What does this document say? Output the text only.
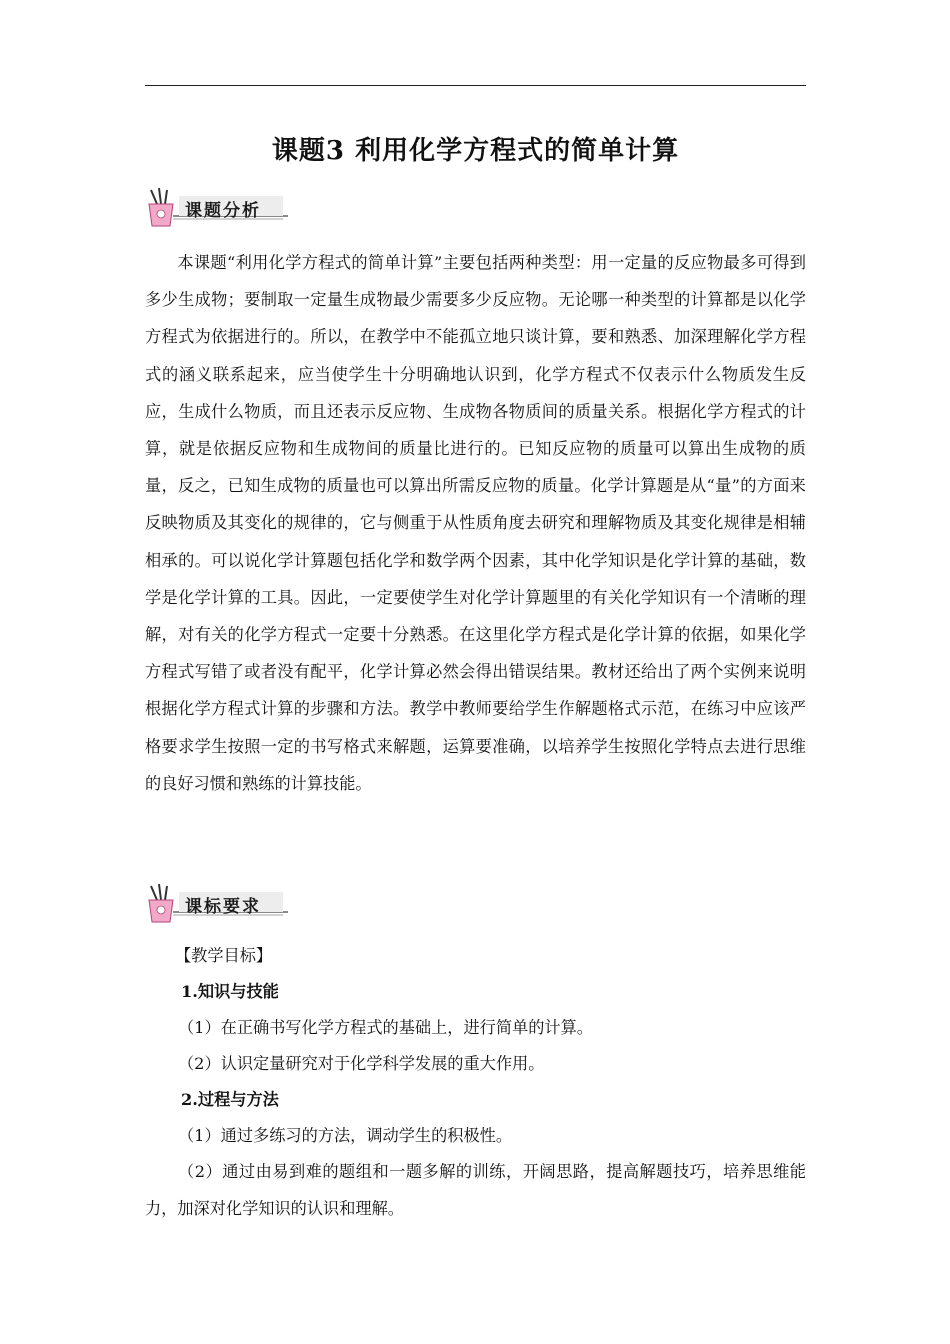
课题3 利用化学方程式的简单计算
课题分析

本课题“利用化学方程式的简单计算”主要包括两种类型：用一定量的反应物最多可得到多少生成物；要制取一定量生成物最少需要多少反应物。无论哪一种类型的计算都是以化学方程式为依据进行的。所以，在教学中不能孤立地只谈计算，要和熟悉、加深理解化学方程式的涵义联系起来，应当使学生十分明确地认识到，化学方程式不仅表示什么物质发生反应，生成什么物质，而且还表示反应物、生成物各物质间的质量关系。根据化学方程式的计算，就是依据反应物和生成物间的质量比进行的。已知反应物的质量可以算出生成物的质量，反之，已知生成物的质量也可以算出所需反应物的质量。化学计算题是从“量”的方面来反映物质及其变化的规律的，它与侧重于从性质角度去研究和理解物质及其变化规律是相辅相承的。可以说化学计算题包括化学和数学两个因素，其中化学知识是化学计算的基础，数学是化学计算的工具。因此，一定要使学生对化学计算题里的有关化学知识有一个清晰的理解，对有关的化学方程式一定要十分熟悉。在这里化学方程式是化学计算的依据，如果化学方程式写错了或者没有配平，化学计算必然会得出错误结果。教材还给出了两个实例来说明根据化学方程式计算的步骤和方法。教学中教师要给学生作解题格式示范，在练习中应该严格要求学生按照一定的书写格式来解题，运算要准确，以培养学生按照化学特点去进行思维的良好习惯和熟练的计算技能。

课标要求
【教学目标】
1.知识与技能
（1）在正确书写化学方程式的基础上，进行简单的计算。
（2）认识定量研究对于化学科学发展的重大作用。
2.过程与方法
（1）通过多练习的方法，调动学生的积极性。
（2）通过由易到难的题组和一题多解的训练，开阔思路，提高解题技巧，培养思维能力，加深对化学知识的认识和理解。
